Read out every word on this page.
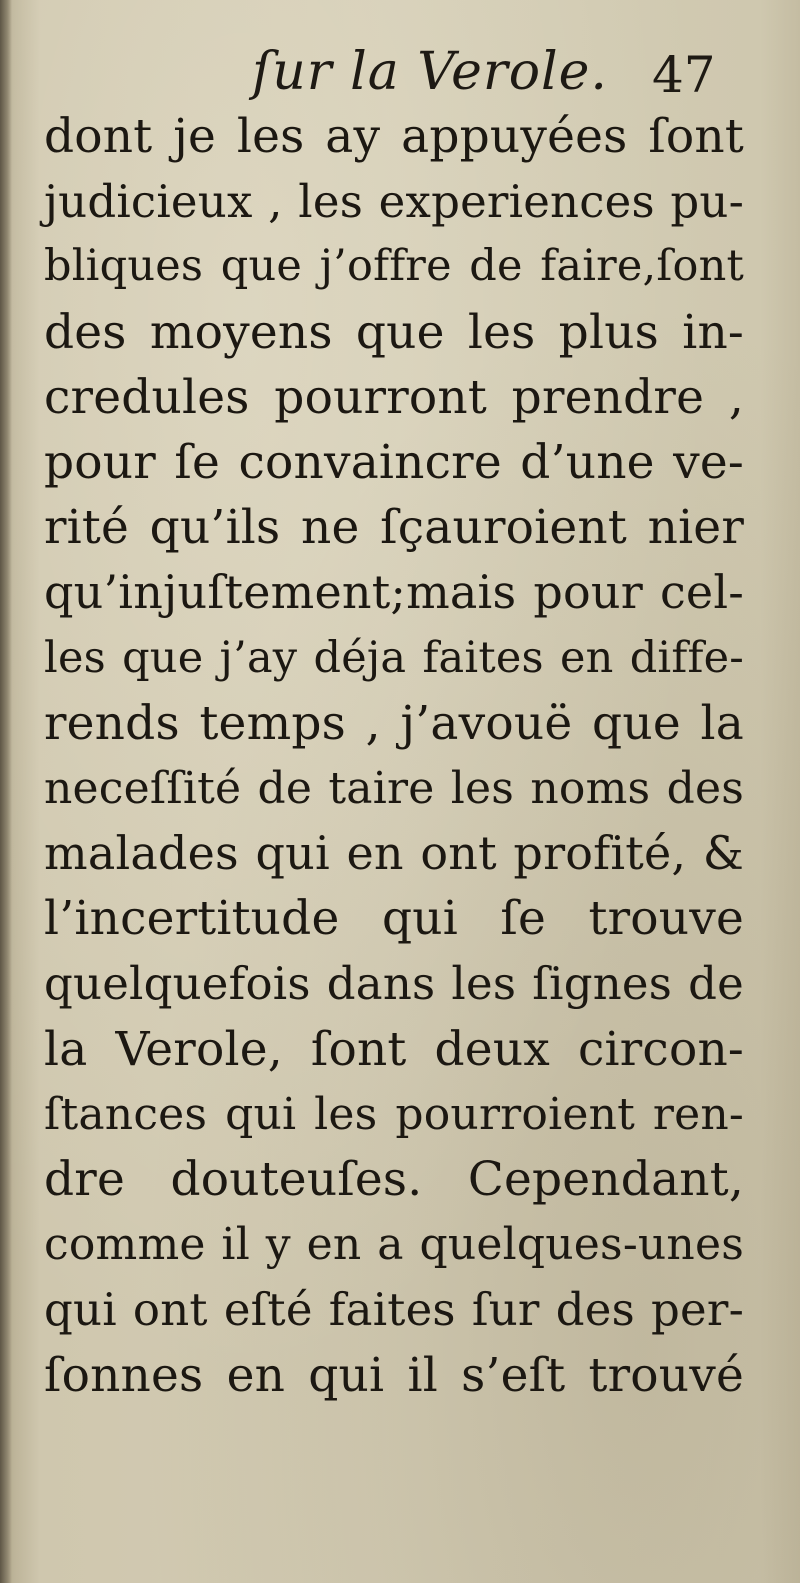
ſur la Verole. 47
dont je les ay appuyées ſont
judicieux , les experiences pu-
bliques que j’offre de faire,ſont
des moyens que les plus in-
credules pourront prendre ,
pour ſe convaincre d’une ve-
rité qu’ils ne ſçauroient nier
qu’injuſtement;mais pour cel-
les que j’ay déja faites en diffe-
rends temps , j’avouë que la
neceſſité de taire les noms des
malades qui en ont profité, &
l’incertitude qui ſe trouve
quelquefois dans les ſignes de
la Verole, ſont deux circon-
ſtances qui les pourroient ren-
dre douteuſes. Cependant,
comme il y en a quelques-unes
qui ont eſté faites ſur des per-
ſonnes en qui il s’eſt trouvé
